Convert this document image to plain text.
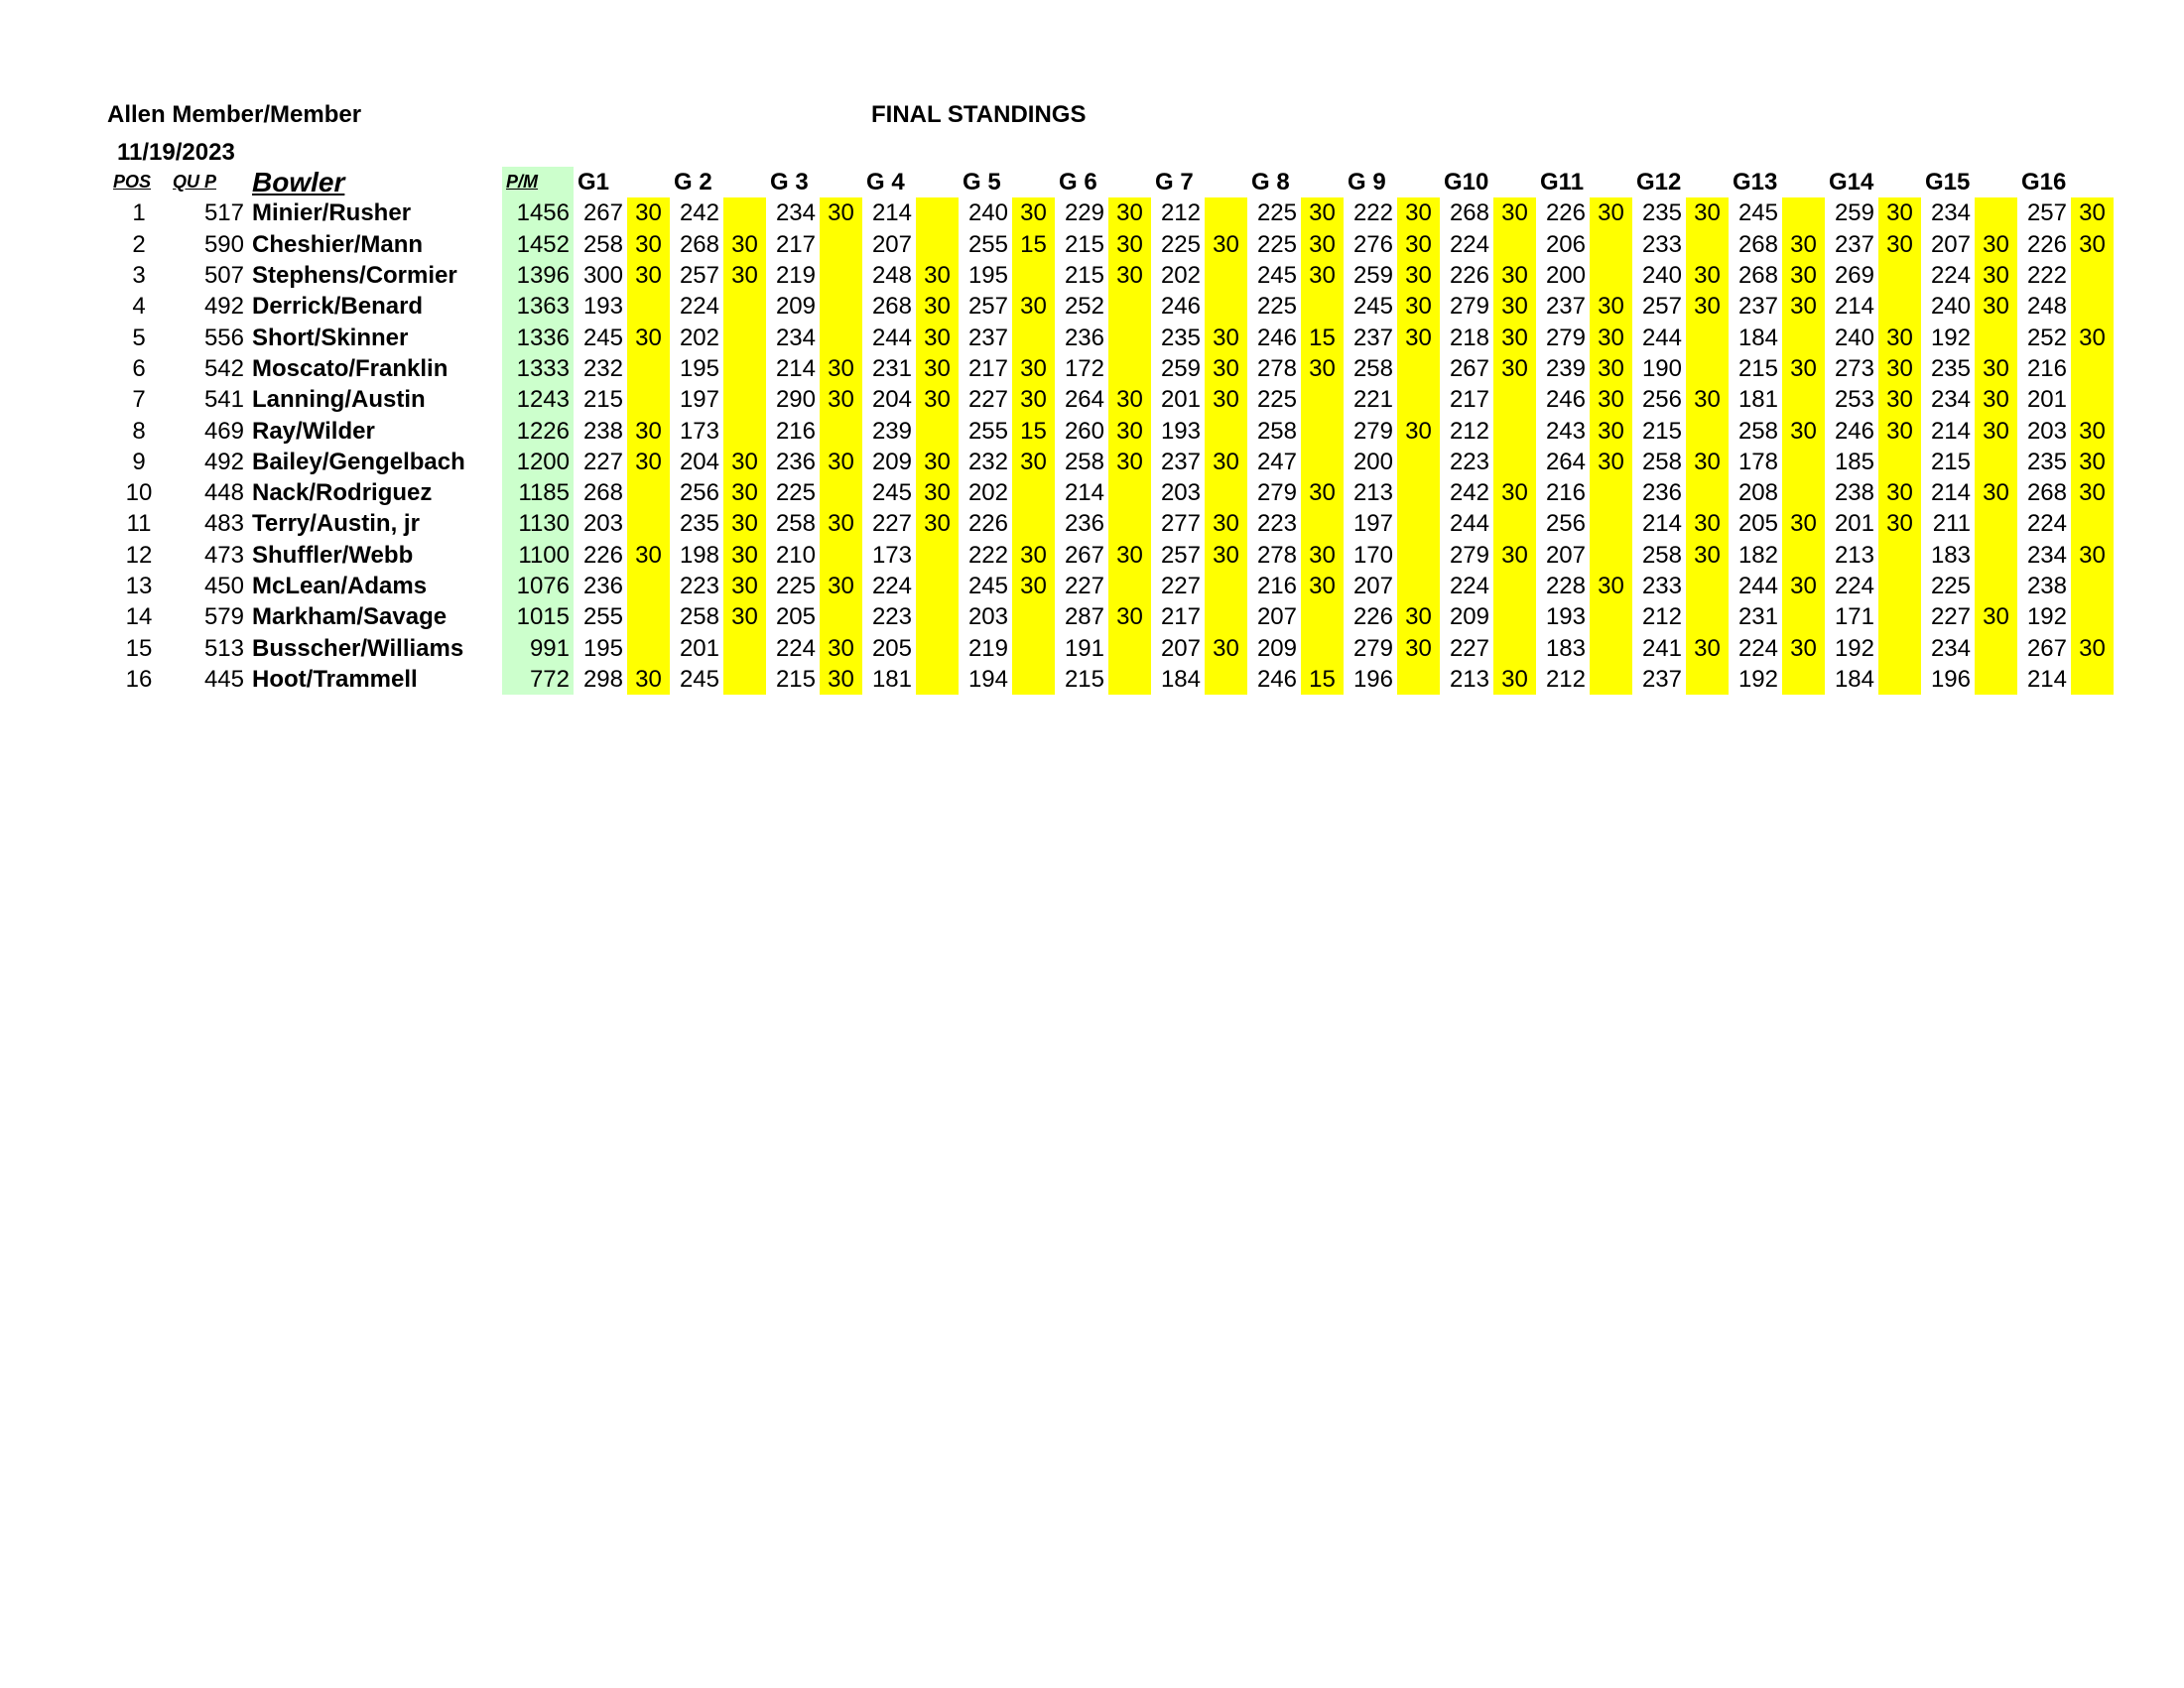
Allen Member/Member	FINAL STANDINGS
11/19/2023
POS	QU P	Bowler	P/M	G1		G 2		G 3		G 4		G 5		G 6		G 7		G 8		G 9		G10		G11		G12		G13		G14		G15		G16	
1	517	Minier/Rusher	1456	267	30	242		234	30	214		240	30	229	30	212		225	30	222	30	268	30	226	30	235	30	245		259	30	234		257	30
2	590	Cheshier/Mann	1452	258	30	268	30	217		207		255	15	215	30	225	30	225	30	276	30	224		206		233		268	30	237	30	207	30	226	30
3	507	Stephens/Cormier	1396	300	30	257	30	219		248	30	195		215	30	202		245	30	259	30	226	30	200		240	30	268	30	269		224	30	222	
4	492	Derrick/Benard	1363	193		224		209		268	30	257	30	252		246		225		245	30	279	30	237	30	257	30	237	30	214		240	30	248	
5	556	Short/Skinner	1336	245	30	202		234		244	30	237		236		235	30	246	15	237	30	218	30	279	30	244		184		240	30	192		252	30
6	542	Moscato/Franklin	1333	232		195		214	30	231	30	217	30	172		259	30	278	30	258		267	30	239	30	190		215	30	273	30	235	30	216	
7	541	Lanning/Austin	1243	215		197		290	30	204	30	227	30	264	30	201	30	225		221		217		246	30	256	30	181		253	30	234	30	201	
8	469	Ray/Wilder	1226	238	30	173		216		239		255	15	260	30	193		258		279	30	212		243	30	215		258	30	246	30	214	30	203	30
9	492	Bailey/Gengelbach	1200	227	30	204	30	236	30	209	30	232	30	258	30	237	30	247		200		223		264	30	258	30	178		185		215		235	30
10	448	Nack/Rodriguez	1185	268		256	30	225		245	30	202		214		203		279	30	213		242	30	216		236		208		238	30	214	30	268	30
11	483	Terry/Austin, jr	1130	203		235	30	258	30	227	30	226		236		277	30	223		197		244		256		214	30	205	30	201	30	211		224	
12	473	Shuffler/Webb	1100	226	30	198	30	210		173		222	30	267	30	257	30	278	30	170		279	30	207		258	30	182		213		183		234	30
13	450	McLean/Adams	1076	236		223	30	225	30	224		245	30	227		227		216	30	207		224		228	30	233		244	30	224		225		238	
14	579	Markham/Savage	1015	255		258	30	205		223		203		287	30	217		207		226	30	209		193		212		231		171		227	30	192	
15	513	Busscher/Williams	991	195		201		224	30	205		219		191		207	30	209		279	30	227		183		241	30	224	30	192		234		267	30
16	445	Hoot/Trammell	772	298	30	245		215	30	181		194		215		184		246	15	196		213	30	212		237		192		184		196		214	
